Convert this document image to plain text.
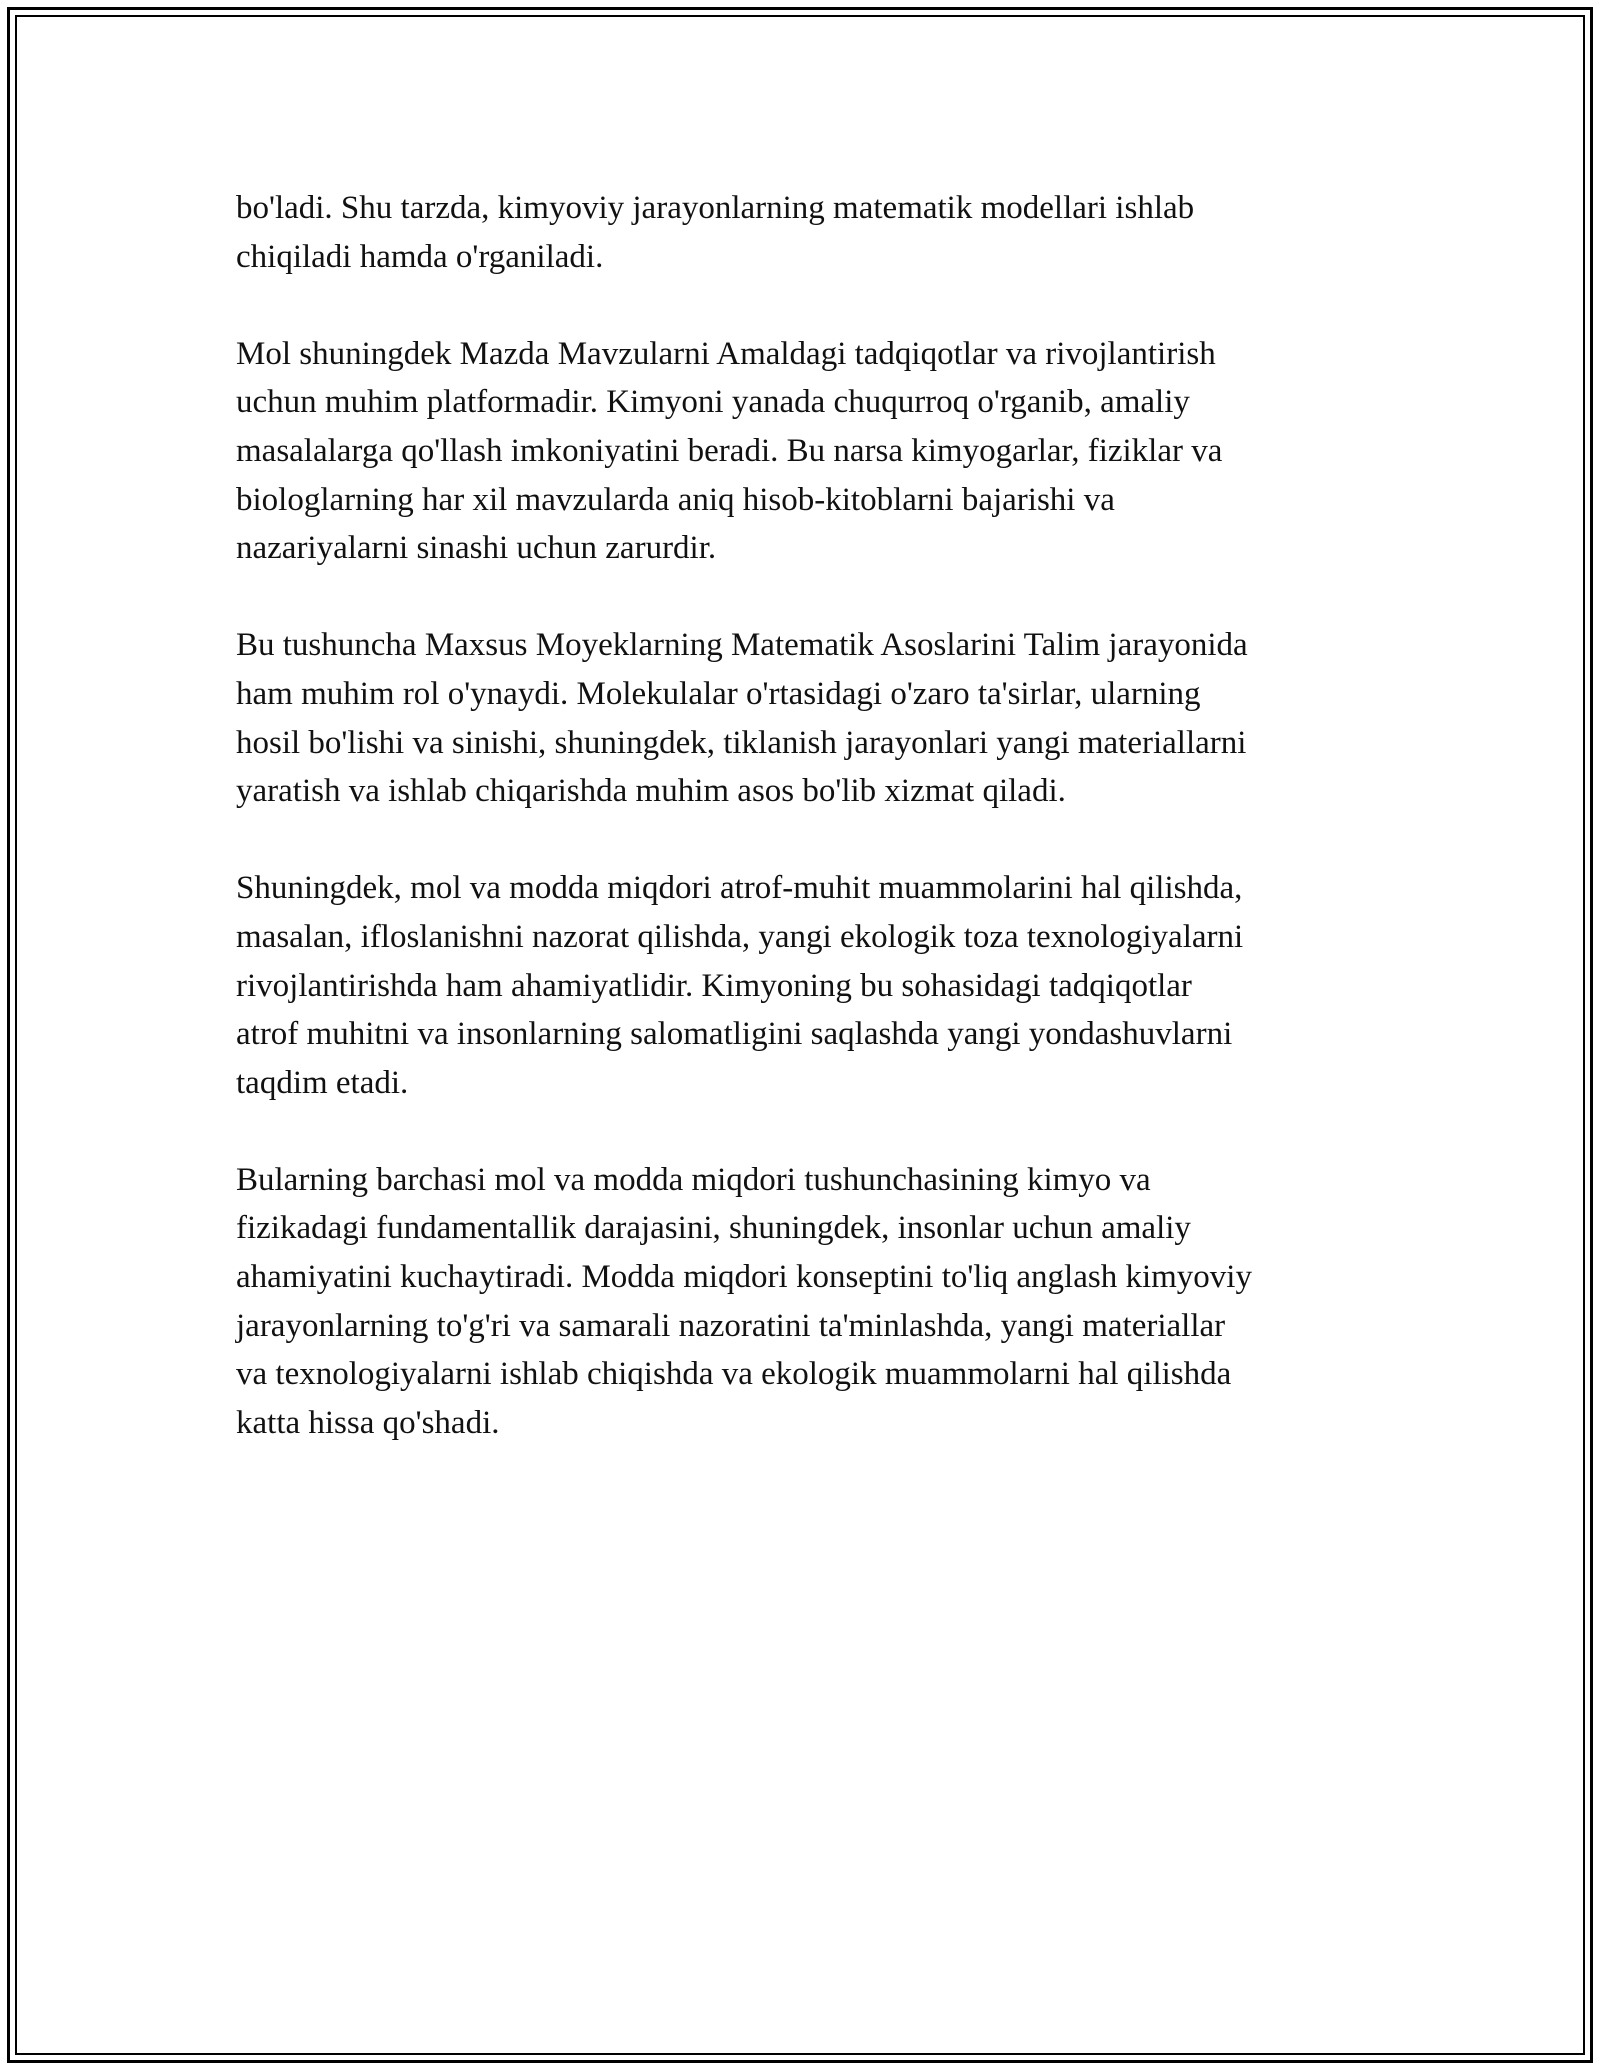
bo'ladi. Shu tarzda, kimyoviy jarayonlarning matematik modellari ishlab
chiqiladi hamda o'rganiladi.

Mol shuningdek Mazda Mavzularni Amaldagi tadqiqotlar va rivojlantirish
uchun muhim platformadir. Kimyoni yanada chuqurroq o'rganib, amaliy
masalalarga qo'llash imkoniyatini beradi. Bu narsa kimyogarlar, fiziklar va
biologlarning har xil mavzularda aniq hisob-kitoblarni bajarishi va
nazariyalarni sinashi uchun zarurdir.

Bu tushuncha Maxsus Moyeklarning Matematik Asoslarini Talim jarayonida
ham muhim rol o'ynaydi. Molekulalar o'rtasidagi o'zaro ta'sirlar, ularning
hosil bo'lishi va sinishi, shuningdek, tiklanish jarayonlari yangi materiallarni
yaratish va ishlab chiqarishda muhim asos bo'lib xizmat qiladi.

Shuningdek, mol va modda miqdori atrof-muhit muammolarini hal qilishda,
masalan, ifloslanishni nazorat qilishda, yangi ekologik toza texnologiyalarni
rivojlantirishda ham ahamiyatlidir. Kimyoning bu sohasidagi tadqiqotlar
atrof muhitni va insonlarning salomatligini saqlashda yangi yondashuvlarni
taqdim etadi.

Bularning barchasi mol va modda miqdori tushunchasining kimyo va
fizikadagi fundamentallik darajasini, shuningdek, insonlar uchun amaliy
ahamiyatini kuchaytiradi. Modda miqdori konseptini to'liq anglash kimyoviy
jarayonlarning to'g'ri va samarali nazoratini ta'minlashda, yangi materiallar
va texnologiyalarni ishlab chiqishda va ekologik muammolarni hal qilishda
katta hissa qo'shadi.
